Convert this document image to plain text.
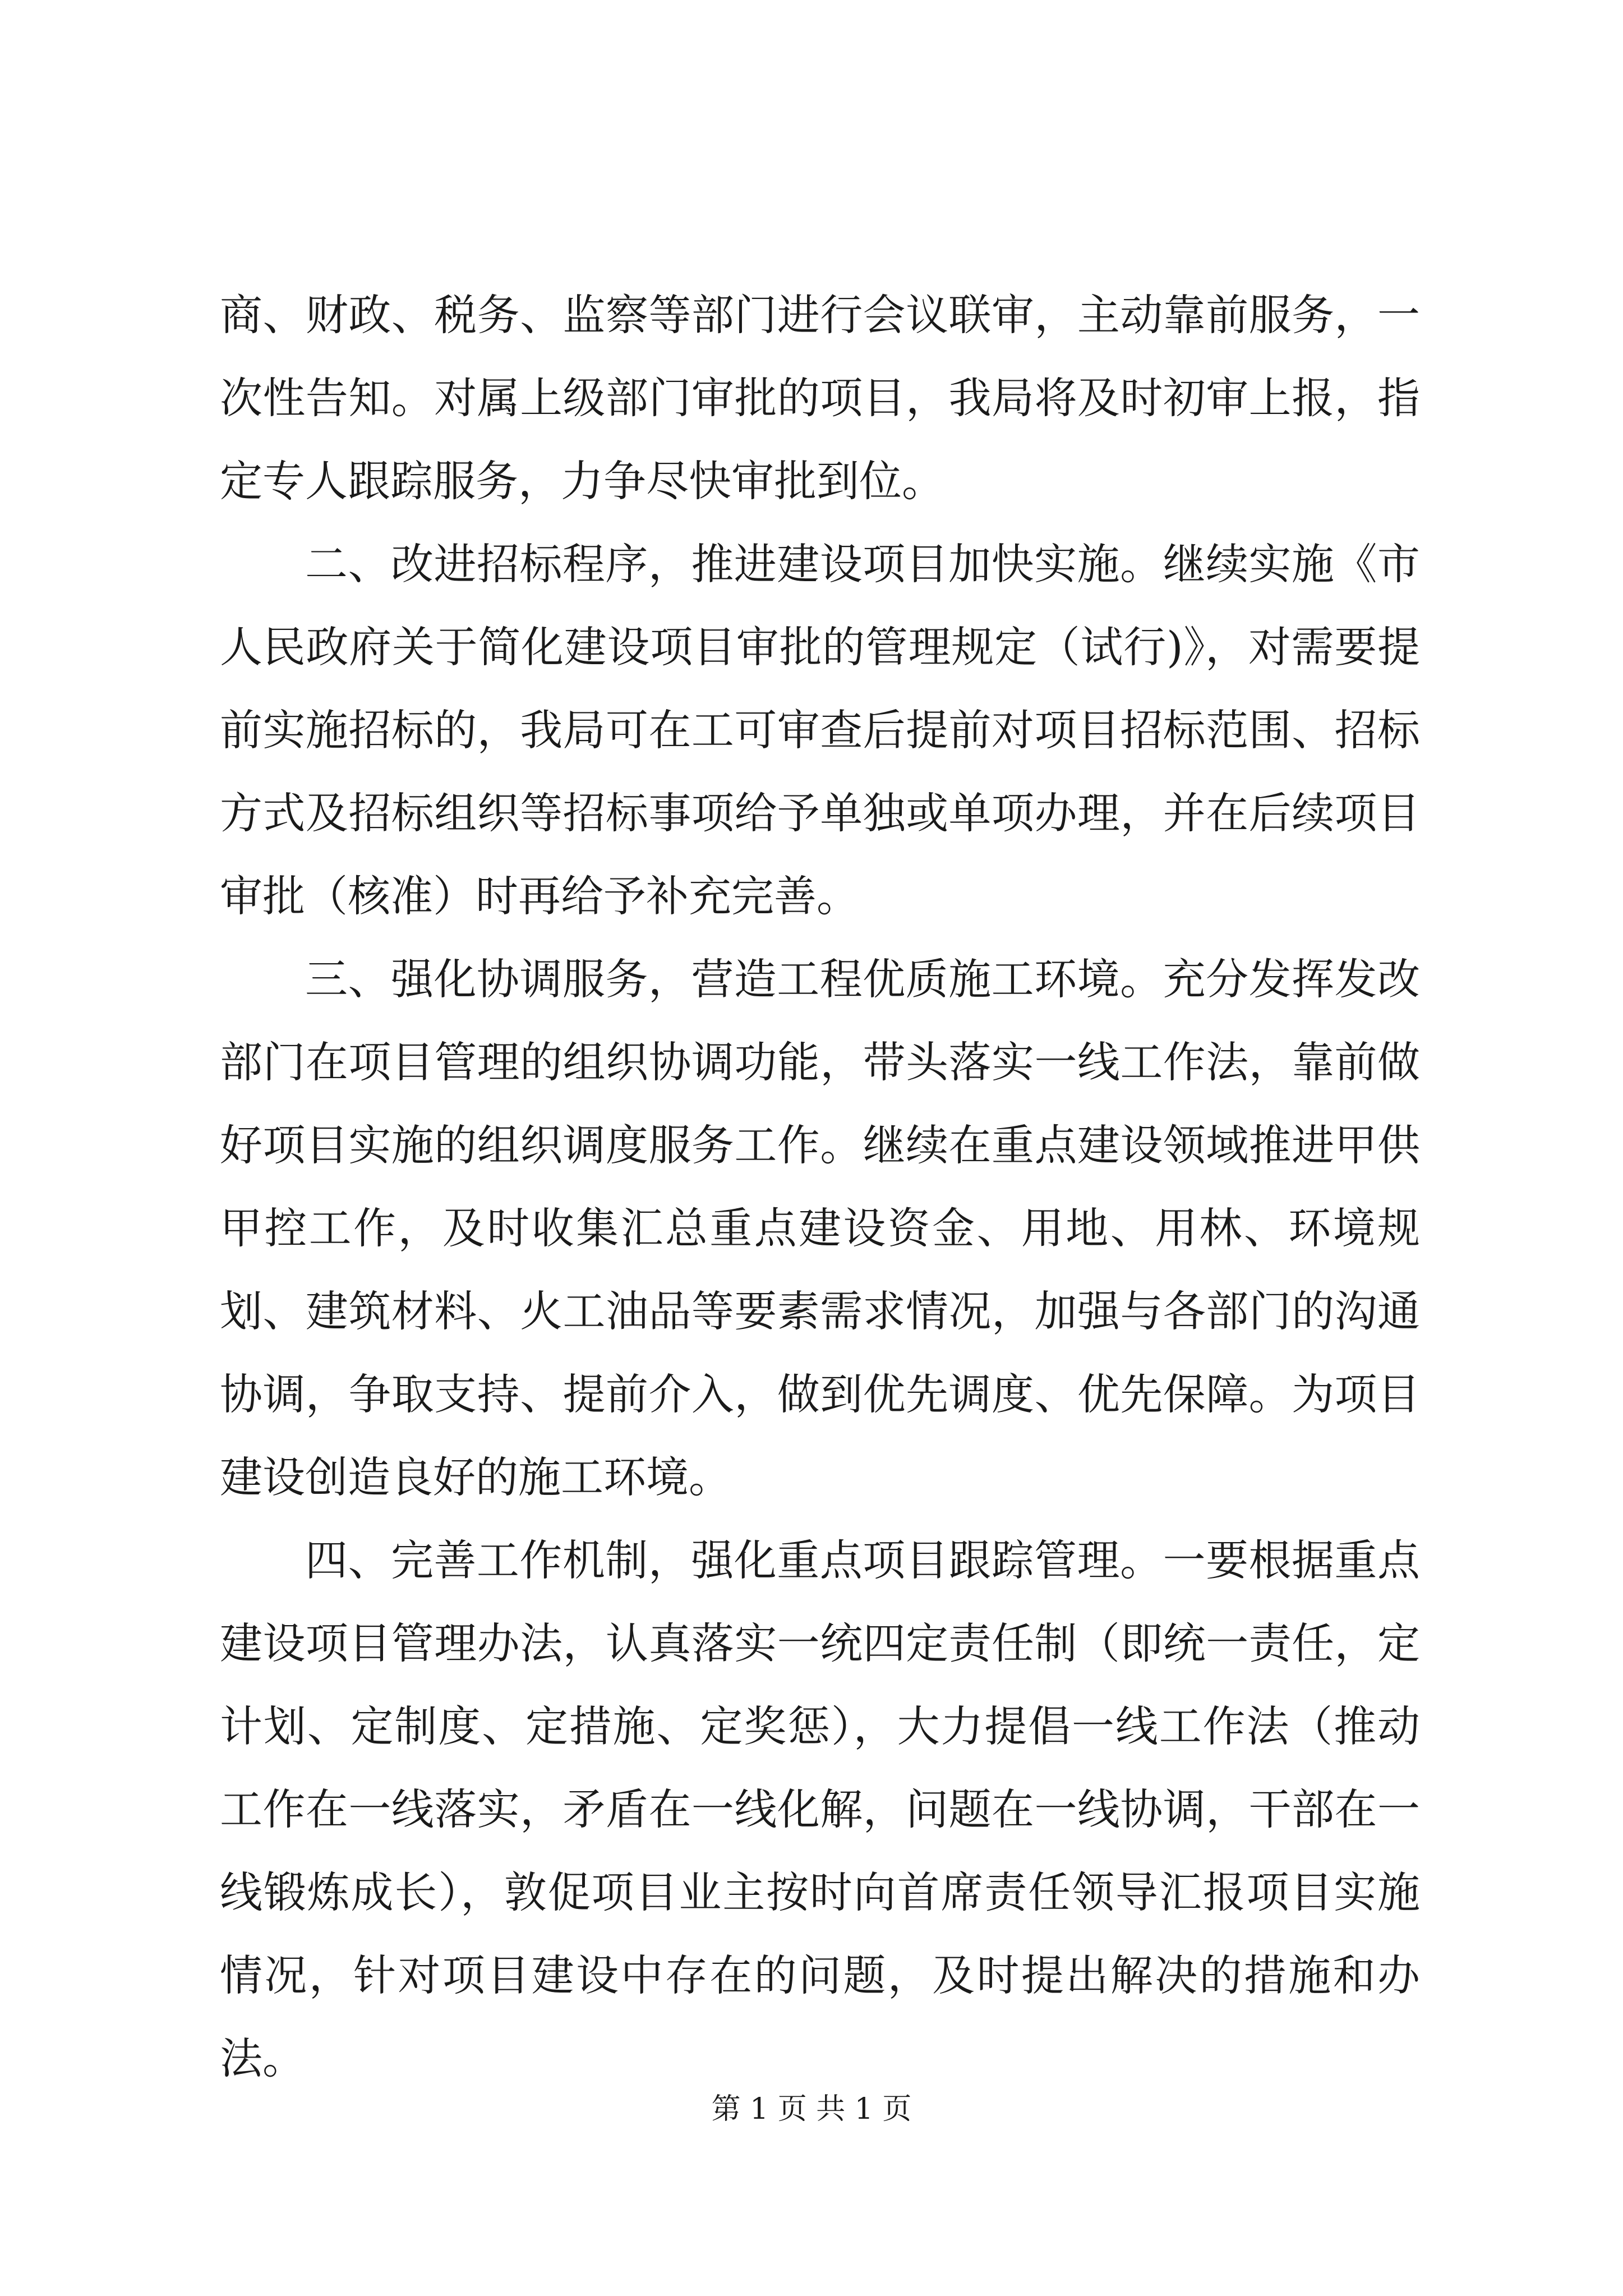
商、财政、税务、监察等部门进行会议联审，主动靠前服务，一次性告知。对属上级部门审批的项目，我局将及时初审上报，指定专人跟踪服务，力争尽快审批到位。

二、改进招标程序，推进建设项目加快实施。继续实施《市人民政府关于简化建设项目审批的管理规定（试行)》，对需要提前实施招标的，我局可在工可审查后提前对项目招标范围、招标方式及招标组织等招标事项给予单独或单项办理，并在后续项目审批（核准）时再给予补充完善。

三、强化协调服务，营造工程优质施工环境。充分发挥发改部门在项目管理的组织协调功能，带头落实一线工作法，靠前做好项目实施的组织调度服务工作。继续在重点建设领域推进甲供甲控工作，及时收集汇总重点建设资金、用地、用林、环境规划、建筑材料、火工油品等要素需求情况，加强与各部门的沟通协调，争取支持、提前介入，做到优先调度、优先保障。为项目建设创造良好的施工环境。

四、完善工作机制，强化重点项目跟踪管理。一要根据重点建设项目管理办法，认真落实一统四定责任制（即统一责任，定计划、定制度、定措施、定奖惩），大力提倡一线工作法（推动工作在一线落实，矛盾在一线化解，问题在一线协调，干部在一线锻炼成长），敦促项目业主按时向首席责任领导汇报项目实施情况，针对项目建设中存在的问题，及时提出解决的措施和办法。

第 1 页 共 1 页
